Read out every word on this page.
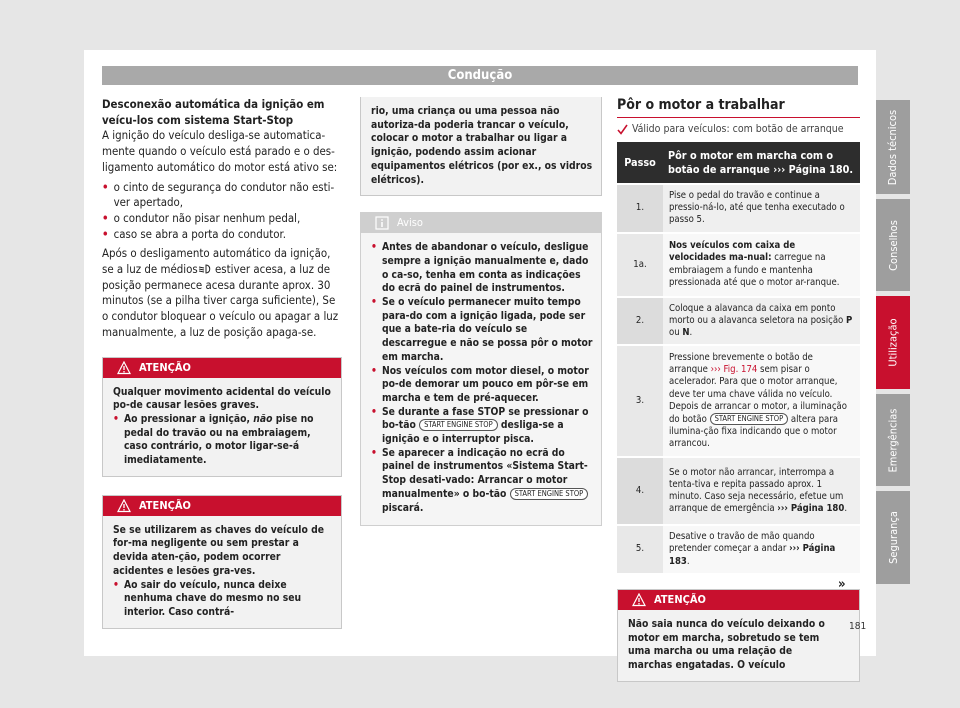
Condução

Desconexão automática da ignição em veícu-los com sistema Start-Stop

A ignição do veículo desliga-se automatica-mente quando o veículo está parado e o des-ligamento automático do motor está ativo se:

• o cinto de segurança do condutor não esti-ver apertado,

• o condutor não pisar nenhum pedal,

• caso se abra a porta do condutor.

Após o desligamento automático da ignição, se a luz de médios estiver acesa, a luz de posição permanece acesa durante aprox. 30 minutos (se a pilha tiver carga suficiente), Se o condutor bloquear o veículo ou apagar a luz manualmente, a luz de posição apaga-se.

ATENÇÃO
Qualquer movimento acidental do veículo po-de causar lesões graves.
• Ao pressionar a ignição, não pise no pedal do travão ou na embraiagem, caso contrário, o motor ligar-se-á imediatamente.
ATENÇÃO
Se se utilizarem as chaves do veículo de for-ma negligente ou sem prestar a devida aten-ção, podem ocorrer acidentes e lesões gra-ves.
• Ao sair do veículo, nunca deixe nenhuma chave do mesmo no seu interior. Caso contrá-
rio, uma criança ou uma pessoa não autoriza-da poderia trancar o veículo, colocar o motor a trabalhar ou ligar a ignição, podendo assim acionar equipamentos elétricos (por ex., os vidros elétricos).
Aviso
• Antes de abandonar o veículo, desligue sempre a ignição manualmente e, dado o ca-so, tenha em conta as indicações do ecrã do painel de instrumentos.
• Se o veículo permanecer muito tempo para-do com a ignição ligada, pode ser que a bate-ria do veículo se descarregue e não se possa pôr o motor em marcha.
• Nos veículos com motor diesel, o motor po-de demorar um pouco em pôr-se em marcha e tem de pré-aquecer.
• Se durante a fase STOP se pressionar o bo-tão START ENGINE STOP desliga-se a ignição e o interruptor pisca.
• Se aparecer a indicação no ecrã do painel de instrumentos «Sistema Start-Stop desati-vado: Arrancar o motor manualmente» o bo-tão START ENGINE STOP piscará.
Pôr o motor a trabalhar
Válido para veículos: com botão de arranque
Passo	Pôr o motor em marcha com o botão de arranque ››› Página 180.
1.	Pise o pedal do travão e continue a pressio-ná-lo, até que tenha executado o passo 5.
1a.	Nos veículos com caixa de velocidades ma-nual: carregue na embraiagem a fundo e mantenha pressionada até que o motor ar-ranque.
2.	Coloque a alavanca da caixa em ponto morto ou a alavanca seletora na posição P ou N.
3.	Pressione brevemente o botão de arranque ››› Fig. 174 sem pisar o acelerador. Para que o motor arranque, deve ter uma chave válida no veículo.
Depois de arrancar o motor, a iluminação do botão START ENGINE STOP altera para ilumina-ção fixa indicando que o motor arrancou.
4.	Se o motor não arrancar, interrompa a tenta-tiva e repita passado aprox. 1 minuto. Caso seja necessário, efetue um arranque de emergência ››› Página 180.
5.	Desative o travão de mão quando pretender começar a andar ››› Página 183.
ATENÇÃO
Não saia nunca do veículo deixando o motor em marcha, sobretudo se tem uma marcha ou uma relação de marchas engatadas. O veículo
»
Dados técnicos
Conselhos
Utilização
Emergências
Segurança
181
